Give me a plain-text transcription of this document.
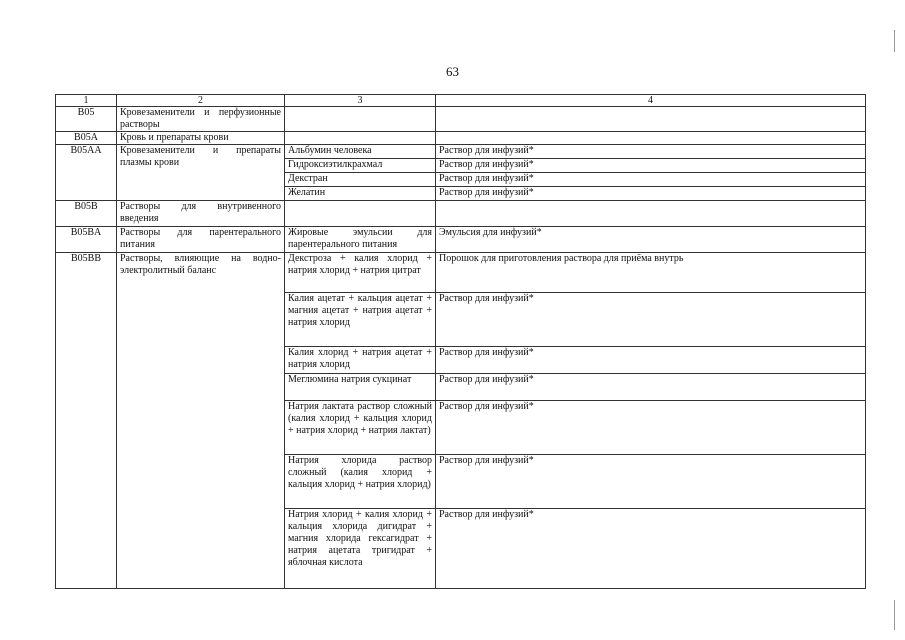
63
1	2	3	4
B05	Кровезаменители и перфузионные растворы		
B05A	Кровь и препараты крови		
B05AA	Кровезаменители и препараты плазмы крови	Альбумин человека	Раствор для инфузий*
		Гидроксиэтилкрахмал	Раствор для инфузий*
		Декстран	Раствор для инфузий*
		Желатин	Раствор для инфузий*
B05B	Растворы для внутривенного введения		
B05BA	Растворы для парентерального питания	Жировые эмульсии для парентерального питания	Эмульсия для инфузий*
B05BB	Растворы, влияющие на водно-электролитный баланс	Декстроза + калия хлорид + натрия хлорид + натрия цитрат	Порошок для приготовления раствора для приёма внутрь
		Калия ацетат + кальция ацетат + магния ацетат + натрия ацетат + натрия хлорид	Раствор для инфузий*
		Калия хлорид + натрия ацетат + натрия хлорид	Раствор для инфузий*
		Меглюмина натрия сукцинат	Раствор для инфузий*
		Натрия лактата раствор сложный (калия хлорид + кальция хлорид + натрия хлорид + натрия лактат)	Раствор для инфузий*
		Натрия хлорида раствор сложный (калия хлорид + кальция хлорид + натрия хлорид)	Раствор для инфузий*
		Натрия хлорид + калия хлорид + кальция хлорида дигидрат + магния хлорида гексагидрат + натрия ацетата тригидрат + яблочная кислота	Раствор для инфузий*
